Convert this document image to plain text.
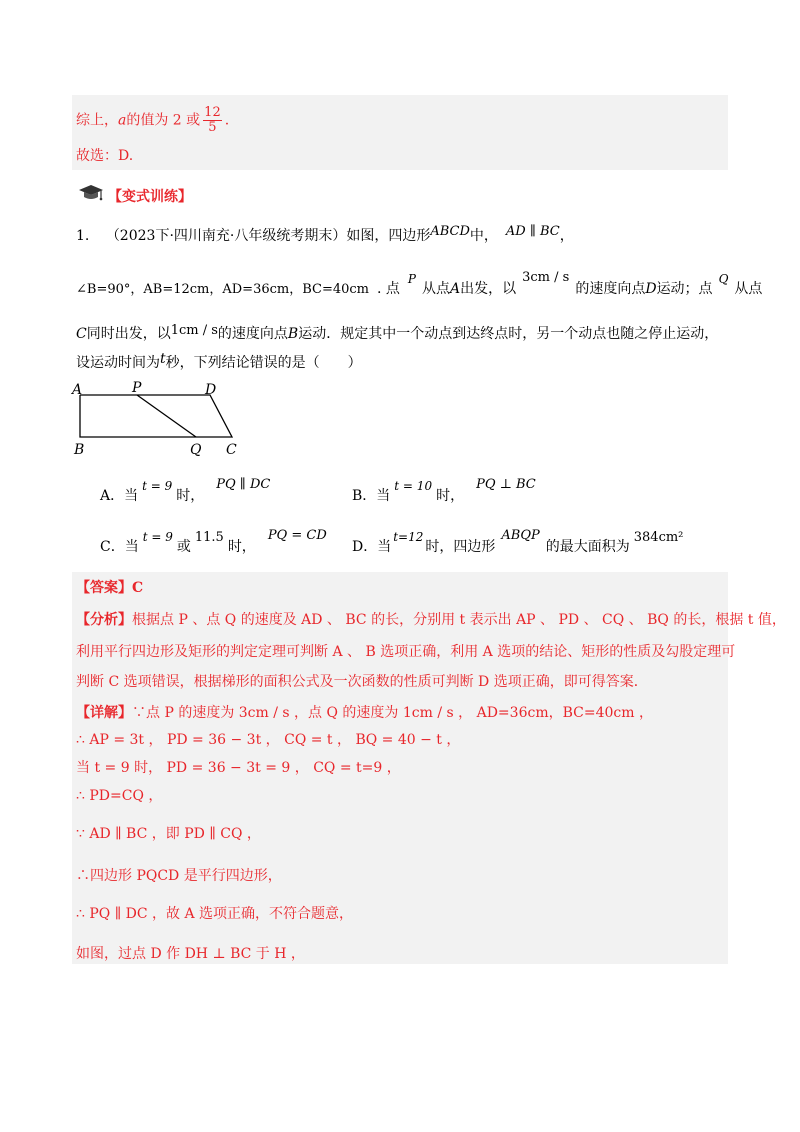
综上，a的值为 2 或 $\frac{12}{5}$ .
故选：D.
【变式训练】
1. （2023下·四川南充·八年级统考期末）如图，四边形ABCD中， AD ∥ BC，
∠B=90°，AB=12cm，AD=36cm，BC=40cm . 点P从点A出发，以3cm / s的速度向点D运动；点Q从点
C同时出发，以1cm / s的速度向点B运动．规定其中一个动点到达终点时，另一个动点也随之停止运动，
设运动时间为t秒，下列结论错误的是（　　）
A	P	D
B	Q C
A．当t = 9时，PQ ∥ DC
B．当t = 10时，PQ ⊥ BC
C．当t = 9或11.5时，PQ = CD
D．当t=12时，四边形ABQP的最大面积为384cm²
【答案】C
【分析】根据点 P 、点 Q 的速度及 AD 、 BC 的长，分别用 t 表示出 AP 、 PD 、 CQ 、 BQ 的长，根据 t 值，
利用平行四边形及矩形的判定定理可判断 A 、 B 选项正确，利用 A 选项的结论、矩形的性质及勾股定理可
判断 C 选项错误，根据梯形的面积公式及一次函数的性质可判断 D 选项正确，即可得答案．
【详解】∵点 P 的速度为 3cm / s ，点 Q 的速度为 1cm / s ， AD=36cm，BC=40cm ，
∴ AP = 3t ， PD = 36 − 3t ， CQ = t ， BQ = 40 − t ，
当 t = 9 时， PD = 36 − 3t = 9 ， CQ = t=9 ，
∴ PD=CQ ，
∵ AD ∥ BC ，即 PD ∥ CQ ，
∴四边形 PQCD 是平行四边形，
∴ PQ ∥ DC ，故 A 选项正确，不符合题意，
如图，过点 D 作 DH ⊥ BC 于 H ，
